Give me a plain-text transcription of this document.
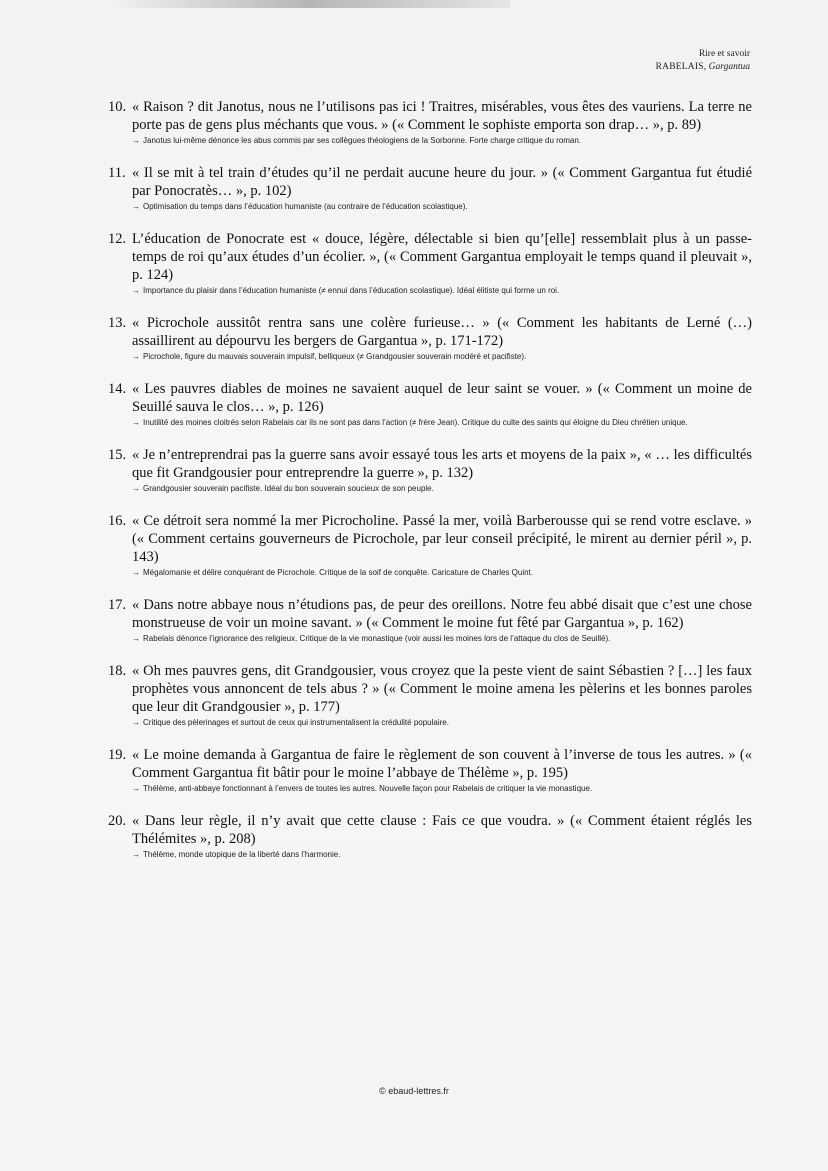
Rire et savoir
RABELAIS, Gargantua
10. « Raison ? dit Janotus, nous ne l’utilisons pas ici ! Traitres, misérables, vous êtes des vauriens. La terre ne porte pas de gens plus méchants que vous. » (« Comment le sophiste emporta son drap… », p. 89)
→ Janotus lui-même dénonce les abus commis par ses collègues théologiens de la Sorbonne. Forte charge critique du roman.
11. « Il se mit à tel train d’études qu’il ne perdait aucune heure du jour. » (« Comment Gargantua fut étudié par Ponocratès… », p. 102)
→ Optimisation du temps dans l’éducation humaniste (au contraire de l’éducation scolastique).
12. L’éducation de Ponocrate est « douce, légère, délectable si bien qu’[elle] ressemblait plus à un passe-temps de roi qu’aux études d’un écolier. », (« Comment Gargantua employait le temps quand il pleuvait », p. 124)
→ Importance du plaisir dans l’éducation humaniste (≠ ennui dans l’éducation scolastique). Idéal élitiste qui forme un roi.
13. « Picrochole aussitôt rentra sans une colère furieuse… » (« Comment les habitants de Lerné (…) assaillirent au dépourvu les bergers de Gargantua », p. 171-172)
→ Picrochole, figure du mauvais souverain impulsif, belliqueux (≠ Grandgousier souverain modéré et pacifiste).
14. « Les pauvres diables de moines ne savaient auquel de leur saint se vouer. » (« Comment un moine de Seuillé sauva le clos… », p. 126)
→ Inutilité des moines cloitrés selon Rabelais car ils ne sont pas dans l’action (≠ frère Jean). Critique du culte des saints qui éloigne du Dieu chrétien unique.
15. « Je n’entreprendrai pas la guerre sans avoir essayé tous les arts et moyens de la paix », « … les difficultés que fit Grandgousier pour entreprendre la guerre », p. 132)
→ Grandgousier souverain pacifiste. Idéal du bon souverain soucieux de son peuple.
16. « Ce détroit sera nommé la mer Picrocholine. Passé la mer, voilà Barberousse qui se rend votre esclave. » (« Comment certains gouverneurs de Picrochole, par leur conseil précipité, le mirent au dernier péril », p. 143)
→ Mégalomanie et délire conquérant de Picrochole. Critique de la soif de conquête. Caricature de Charles Quint.
17. « Dans notre abbaye nous n’étudions pas, de peur des oreillons. Notre feu abbé disait que c’est une chose monstrueuse de voir un moine savant. » (« Comment le moine fut fêté par Gargantua », p. 162)
→ Rabelais dénonce l’ignorance des religieux. Critique de la vie monastique (voir aussi les moines lors de l’attaque du clos de Seuillé).
18. « Oh mes pauvres gens, dit Grandgousier, vous croyez que la peste vient de saint Sébastien ? […] les faux prophètes vous annoncent de tels abus ? » (« Comment le moine amena les pèlerins et les bonnes paroles que leur dit Grandgousier », p. 177)
→ Critique des pèlerinages et surtout de ceux qui instrumentalisent la crédulité populaire.
19. « Le moine demanda à Gargantua de faire le règlement de son couvent à l’inverse de tous les autres. » (« Comment Gargantua fit bâtir pour le moine l’abbaye de Thélème », p. 195)
→ Thélème, anti-abbaye fonctionnant à l’envers de toutes les autres. Nouvelle façon pour Rabelais de critiquer la vie monastique.
20. « Dans leur règle, il n’y avait que cette clause : Fais ce que voudra. » (« Comment étaient réglés les Thélémites », p. 208)
→ Thélème, monde utopique de la liberté dans l’harmonie.
© ebaud-lettres.fr
